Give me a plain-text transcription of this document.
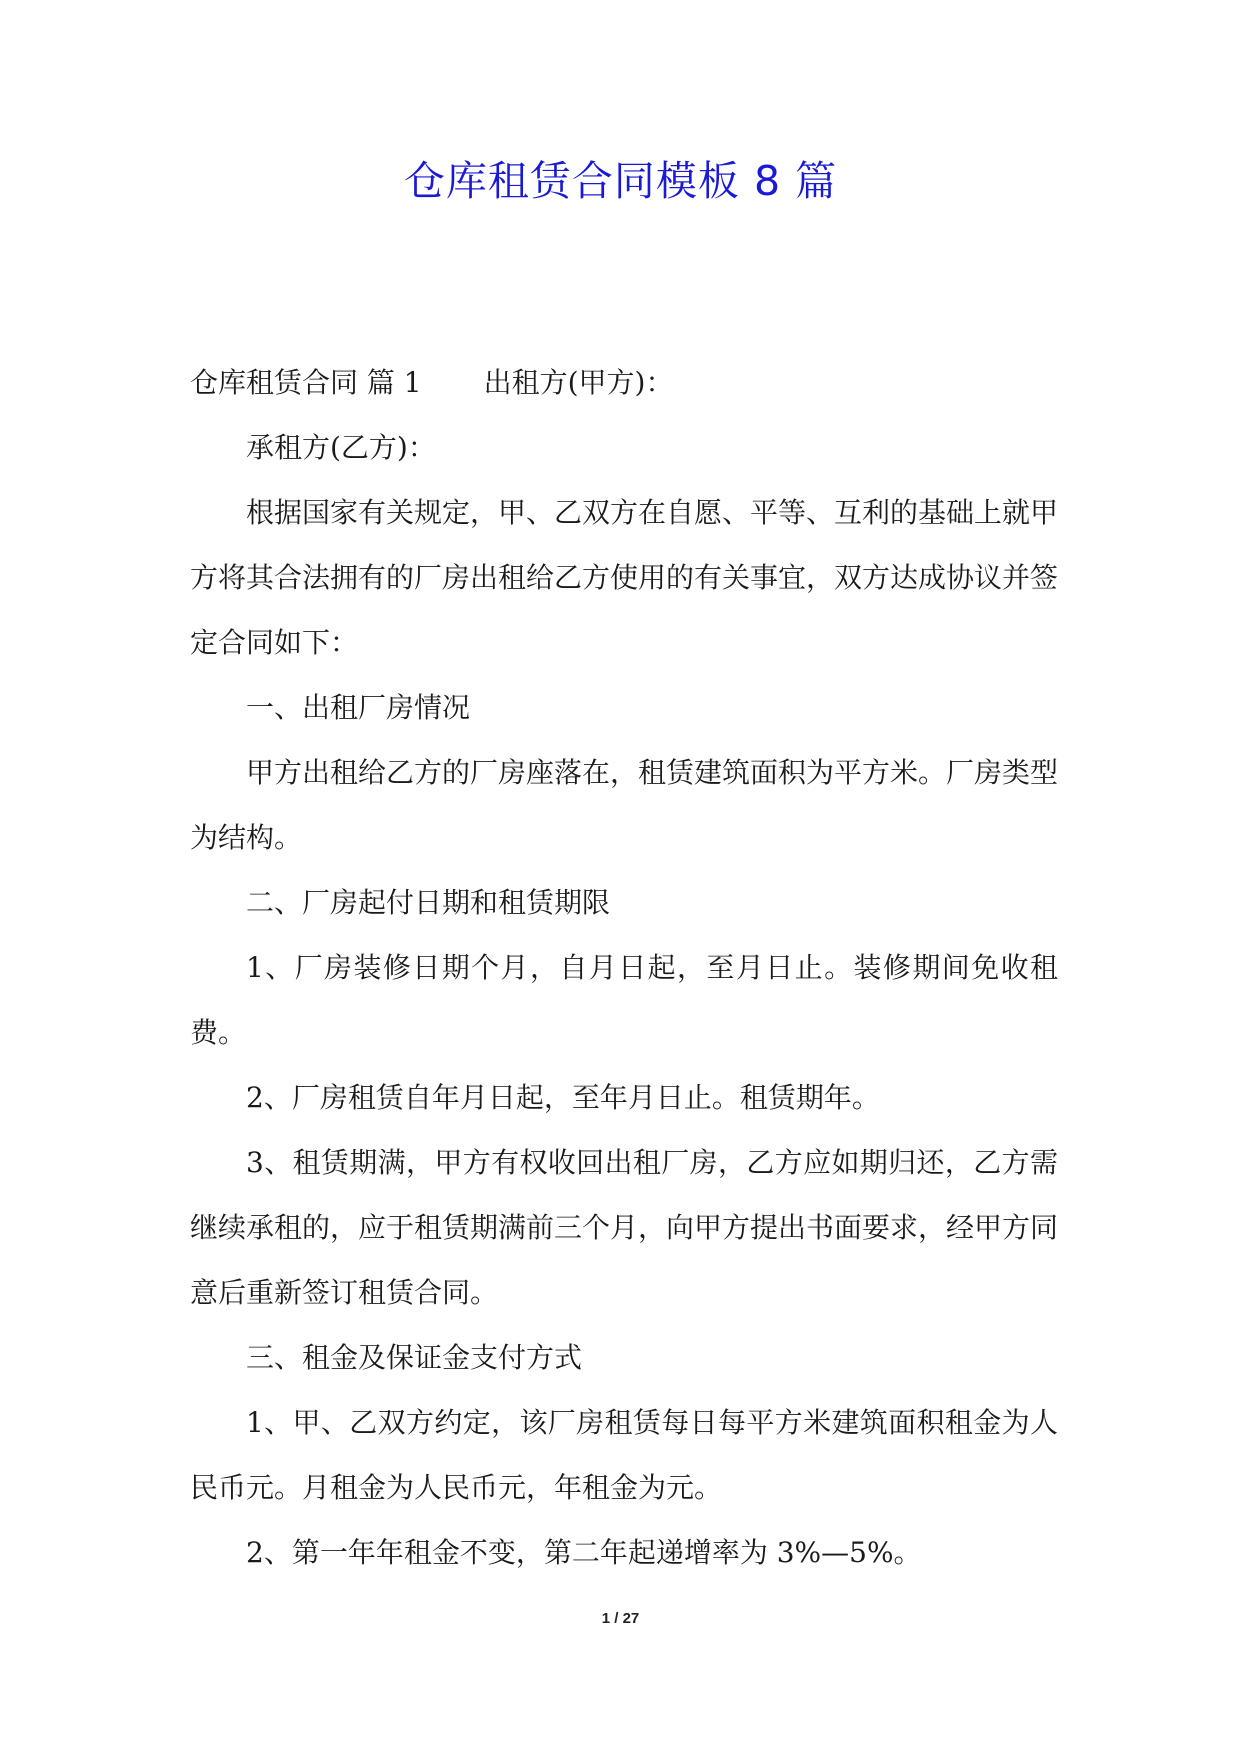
仓库租赁合同模板 8 篇

仓库租赁合同 篇 1 出租方(甲方)：

承租方(乙方)：

根据国家有关规定，甲、乙双方在自愿、平等、互利的基础上就甲方将其合法拥有的厂房出租给乙方使用的有关事宜，双方达成协议并签定合同如下：

一、出租厂房情况

甲方出租给乙方的厂房座落在，租赁建筑面积为平方米。厂房类型为结构。

二、厂房起付日期和租赁期限

1、厂房装修日期个月，自月日起，至月日止。装修期间免收租费。

2、厂房租赁自年月日起，至年月日止。租赁期年。

3、租赁期满，甲方有权收回出租厂房，乙方应如期归还，乙方需继续承租的，应于租赁期满前三个月，向甲方提出书面要求，经甲方同意后重新签订租赁合同。

三、租金及保证金支付方式

1、甲、乙双方约定，该厂房租赁每日每平方米建筑面积租金为人民币元。月租金为人民币元，年租金为元。

2、第一年年租金不变，第二年起递增率为 3%—5%。

1 / 27
